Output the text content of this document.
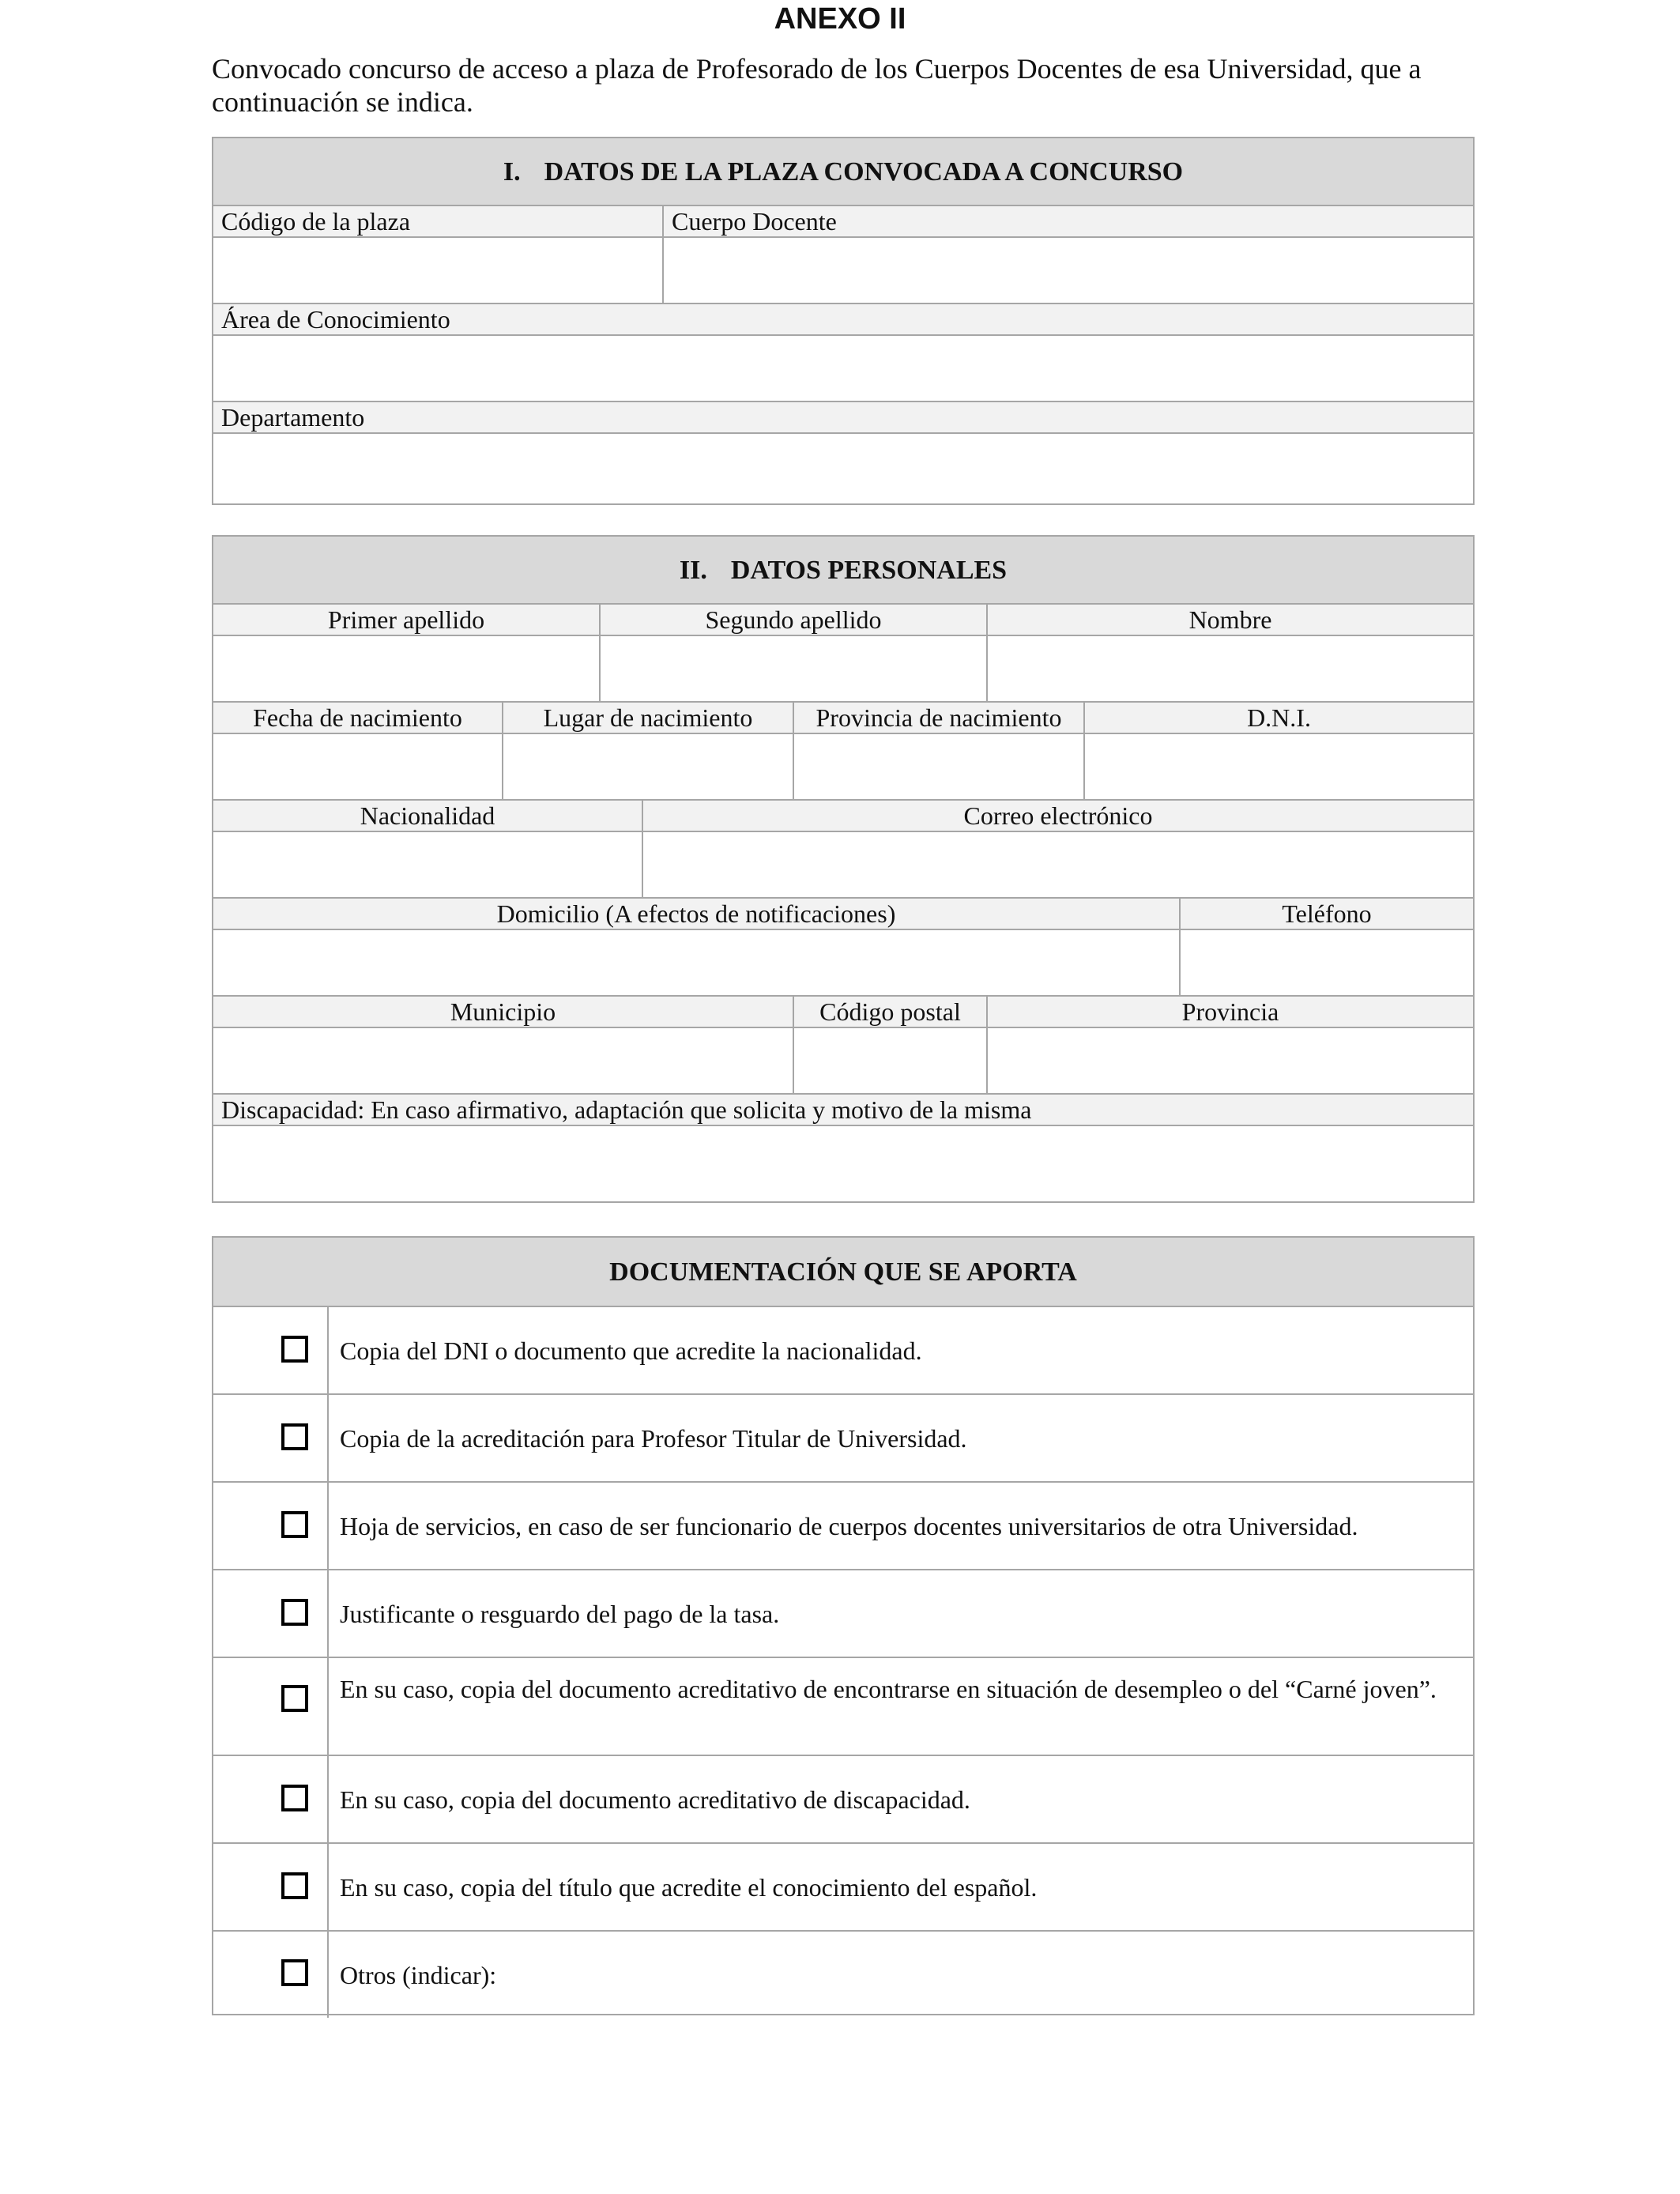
ANEXO II
Convocado concurso de acceso a plaza de Profesorado de los Cuerpos Docentes de esa Universidad, que a continuación se indica.
I. DATOS DE LA PLAZA CONVOCADA A CONCURSO
Código de la plaza	Cuerpo Docente
Área de Conocimiento
Departamento
II. DATOS PERSONALES
Primer apellido	Segundo apellido	Nombre
Fecha de nacimiento	Lugar de nacimiento	Provincia de nacimiento	D.N.I.
Nacionalidad	Correo electrónico
Domicilio (A efectos de notificaciones)	Teléfono
Municipio	Código postal	Provincia
Discapacidad: En caso afirmativo, adaptación que solicita y motivo de la misma
DOCUMENTACIÓN QUE SE APORTA
Copia del DNI o documento que acredite la nacionalidad.
Copia de la acreditación para Profesor Titular de Universidad.
Hoja de servicios, en caso de ser funcionario de cuerpos docentes universitarios de otra Universidad.
Justificante o resguardo del pago de la tasa.
En su caso, copia del documento acreditativo de encontrarse en situación de desempleo o del “Carné joven”.
En su caso, copia del documento acreditativo de discapacidad.
En su caso, copia del título que acredite el conocimiento del español.
Otros (indicar):
